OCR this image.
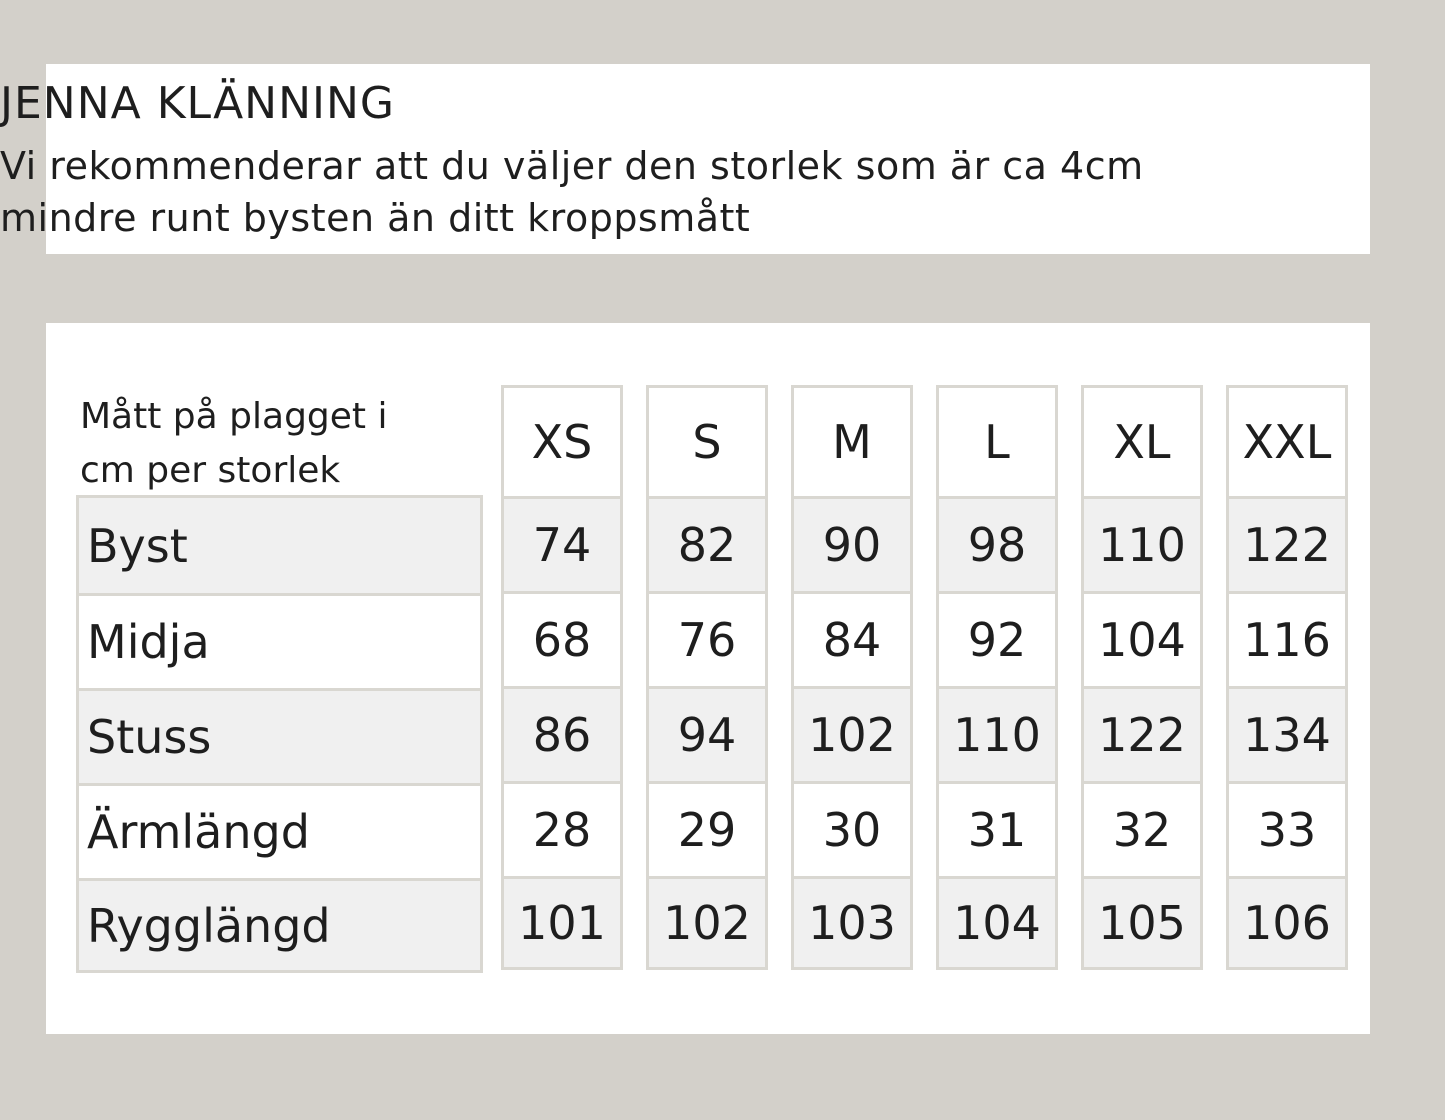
JENNA KLÄNNING
Vi rekommenderar att du väljer den storlek som är ca 4cm
mindre runt bysten än ditt kroppsmått
Mått på plagget i
cm per storlek
Byst
Midja
Stuss
Ärmlängd
Rygglängd
XS
74
68
86
28
101
S
82
76
94
29
102
M
90
84
102
30
103
L
98
92
110
31
104
XL
110
104
122
32
105
XXL
122
116
134
33
106
